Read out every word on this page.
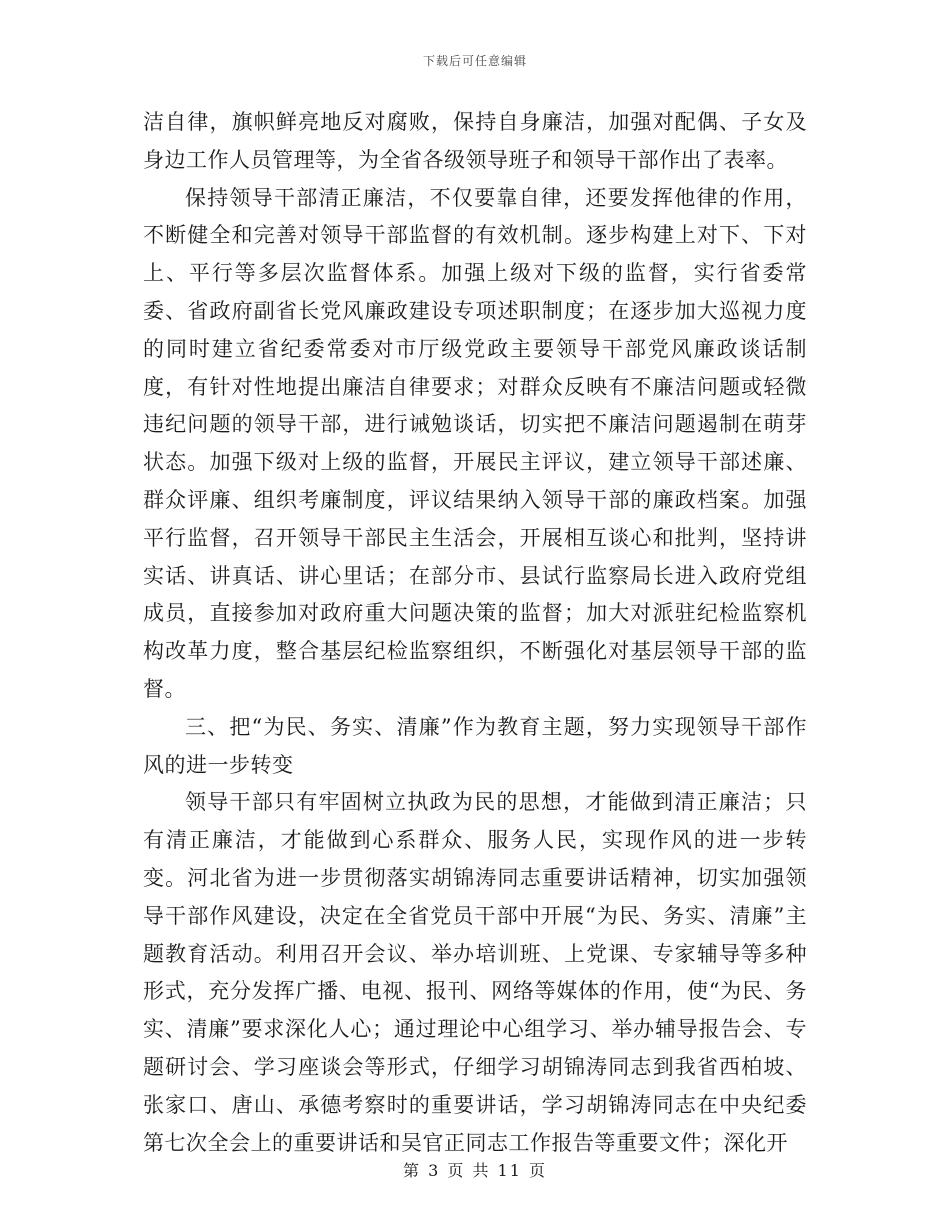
下载后可任意编辑

洁自律，旗帜鲜亮地反对腐败，保持自身廉洁，加强对配偶、子女及身边工作人员管理等，为全省各级领导班子和领导干部作出了表率。

保持领导干部清正廉洁，不仅要靠自律，还要发挥他律的作用，不断健全和完善对领导干部监督的有效机制。逐步构建上对下、下对上、平行等多层次监督体系。加强上级对下级的监督，实行省委常委、省政府副省长党风廉政建设专项述职制度；在逐步加大巡视力度的同时建立省纪委常委对市厅级党政主要领导干部党风廉政谈话制度，有针对性地提出廉洁自律要求；对群众反映有不廉洁问题或轻微违纪问题的领导干部，进行诫勉谈话，切实把不廉洁问题遏制在萌芽状态。加强下级对上级的监督，开展民主评议，建立领导干部述廉、群众评廉、组织考廉制度，评议结果纳入领导干部的廉政档案。加强平行监督，召开领导干部民主生活会，开展相互谈心和批判，坚持讲实话、讲真话、讲心里话；在部分市、县试行监察局长进入政府党组成员，直接参加对政府重大问题决策的监督；加大对派驻纪检监察机构改革力度，整合基层纪检监察组织，不断强化对基层领导干部的监督。

三、把“为民、务实、清廉”作为教育主题，努力实现领导干部作风的进一步转变

领导干部只有牢固树立执政为民的思想，才能做到清正廉洁；只有清正廉洁，才能做到心系群众、服务人民，实现作风的进一步转变。河北省为进一步贯彻落实胡锦涛同志重要讲话精神，切实加强领导干部作风建设，决定在全省党员干部中开展“为民、务实、清廉”主题教育活动。利用召开会议、举办培训班、上党课、专家辅导等多种形式，充分发挥广播、电视、报刊、网络等媒体的作用，使“为民、务实、清廉”要求深化人心；通过理论中心组学习、举办辅导报告会、专题研讨会、学习座谈会等形式，仔细学习胡锦涛同志到我省西柏坡、张家口、唐山、承德考察时的重要讲话，学习胡锦涛同志在中央纪委第七次全会上的重要讲话和吴官正同志工作报告等重要文件；深化开

第 3 页 共 11 页
